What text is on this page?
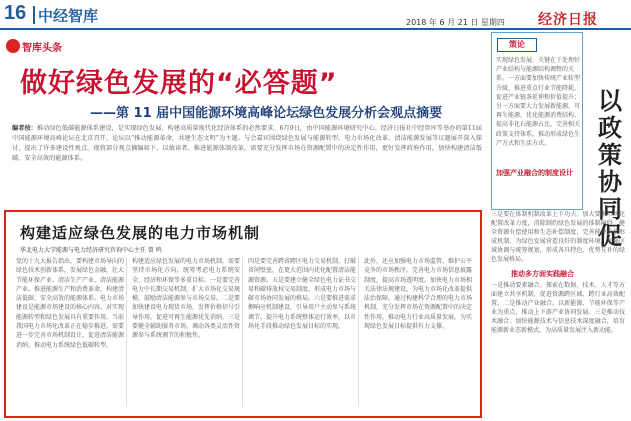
16 中经智库	2018 年 6 月 21 日 星期四 经济日报
智库头条
做好绿色发展的“必答题”
——第 11 届中国能源环境高峰论坛绿色发展分析会观点摘要
编者按：推动绿色低碳能源体系建设，是实现绿色发展、构建高质量现代化经济体系的必然要求。6月9日，由中国能源环境研究中心、经济日报社中经智库等举办的第11届中国能源环境高峰论坛在北京召开，论坛以“推动能源革命，共建生态文明”为主题。与会嘉宾围绕绿色发展与能源转型、电力市场化改革、清洁能源发展等议题展开深入探讨，提出了许多建设性观点。现将部分观点摘编如下，以飨读者。推进能源体制改革，需要充分发挥市场在资源配置中的决定性作用，更好发挥政府作用，加快构建清洁低碳、安全高效的能源体系。
策论
实现绿色发展，关键在于处理好产业结构与能源结构调整的关系。一方面要加快传统产业转型升级，推进重点行业节能降耗，促进产业链条延伸和价值提升；另一方面要大力发展新能源、可再生能源，优化能源消费结构，提高非化石能源占比，完善相关政策支持体系，推动形成绿色生产方式和生活方式。
加强产业融合的制度设计
以政策协同促
三是要在体制机制改革上下功夫。加大要素市场化配置改革力度，消除制约绿色发展的体制障碍，健全资源有偿使用和生态补偿制度，完善能源价格形成机制，为绿色发展营造良好的制度环境。加强区域协调与统筹规划，形成各具特色、优势互补的绿色发展格局。
推动多方面实践融合
一是推动要素融合。探索在数据、技术、人才等方面建立共享机制，促进资源跨区域、跨行业高效配置。二是推动产业融合。以新能源、节能环保等产业为重点，推动上下游产业协同发展。三是推动技术融合。加快能源技术与信息技术深度融合，培育能源新业态新模式，为高质量发展注入新动能。
构建适应绿色发展的电力市场机制
华北电力大学能源与电力经济研究咨询中心主任 曾 鸣
党的十九大报告指出，要构建市场导向的绿色技术创新体系，发展绿色金融，壮大节能环保产业、清洁生产产业、清洁能源产业。推进能源生产和消费革命，构建清洁低碳、安全高效的能源体系。电力市场建设是能源市场建设的核心内容，对实现能源转型和绿色发展具有重要作用。当前我国电力市场化改革正在稳步推进，需要进一步完善市场机制设计，促进清洁能源消纳，推动电力系统绿色低碳转型。
构建适应绿色发展的电力市场机制，需要坚持市场化方向，统筹考虑电力系统安全、经济和环保等多重目标。一是要完善电力中长期交易机制，扩大市场化交易规模，鼓励清洁能源参与市场交易。二是要加快建设电力现货市场，发挥价格信号引导作用，促进可再生能源优先消纳。三是要健全辅助服务市场，调动各类灵活性资源参与系统调节的积极性。
四是要完善跨省跨区电力交易机制，打破省间壁垒，在更大范围内优化配置清洁能源资源。五是要建立健全绿色电力证书交易和碳排放权交易制度，形成电力市场与碳市场协同发展的格局。六是要推进需求侧响应机制建设，引导用户主动参与系统调节，提升电力系统整体运行效率，以市场化手段推动绿色发展目标的实现。
此外，还应加强电力市场监管，维护公平竞争的市场秩序。完善电力市场信息披露制度，提高市场透明度。加快电力市场相关法律法规建设，为电力市场化改革提供法治保障。通过构建科学合理的电力市场机制，充分发挥市场在资源配置中的决定性作用，推动电力行业高质量发展，为实现绿色发展目标提供有力支撑。
